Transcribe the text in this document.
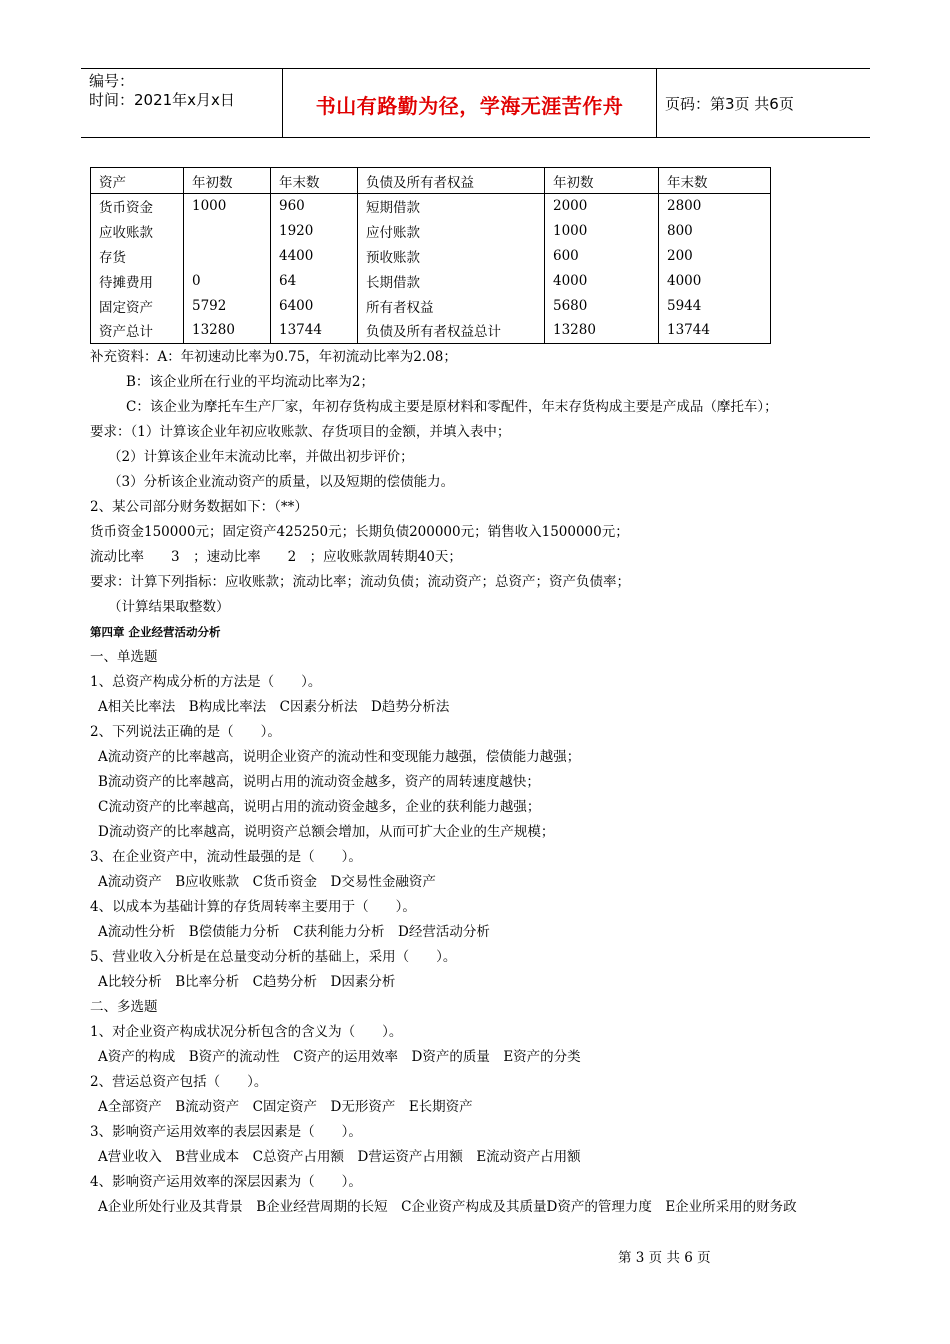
编号：
时间：2021年x月x日	书山有路勤为径，学海无涯苦作舟	页码：第3页 共6页
资产	年初数	年末数	负债及所有者权益	年初数	年末数
货币资金	1000	960	短期借款	2000	2800
应收账款		1920	应付账款	1000	800
存货		4400	预收账款	600	200
待摊费用	0	64	长期借款	4000	4000
固定资产	5792	6400	所有者权益	5680	5944
资产总计	13280	13744	负债及所有者权益总计	13280	13744
补充资料：A：年初速动比率为0.75，年初流动比率为2.08；
B：该企业所在行业的平均流动比率为2；
C：该企业为摩托车生产厂家，年初存货构成主要是原材料和零配件，年末存货构成主要是产成品（摩托车）；
要求：（1）计算该企业年初应收账款、存货项目的金额，并填入表中；
（2）计算该企业年末流动比率，并做出初步评价；
（3）分析该企业流动资产的质量，以及短期的偿债能力。
2、某公司部分财务数据如下：（**）
货币资金150000元；固定资产425250元；长期负债200000元；销售收入1500000元；
流动比率　　3　；速动比率　　2　；应收账款周转期40天；
要求：计算下列指标：应收账款；流动比率；流动负债；流动资产；总资产；资产负债率；
（计算结果取整数）
第四章 企业经营活动分析
一、单选题
1、总资产构成分析的方法是（　　）。
A相关比率法　B构成比率法　C因素分析法　D趋势分析法
2、下列说法正确的是（　　）。
A流动资产的比率越高，说明企业资产的流动性和变现能力越强，偿债能力越强；
B流动资产的比率越高，说明占用的流动资金越多，资产的周转速度越快；
C流动资产的比率越高，说明占用的流动资金越多，企业的获利能力越强；
D流动资产的比率越高，说明资产总额会增加，从而可扩大企业的生产规模；
3、在企业资产中，流动性最强的是（　　）。
A流动资产　B应收账款　C货币资金　D交易性金融资产
4、以成本为基础计算的存货周转率主要用于（　　）。
A流动性分析　B偿债能力分析　C获利能力分析　D经营活动分析
5、营业收入分析是在总量变动分析的基础上，采用（　　）。
A比较分析　B比率分析　C趋势分析　D因素分析
二、多选题
1、对企业资产构成状况分析包含的含义为（　　）。
A资产的构成　B资产的流动性　C资产的运用效率　D资产的质量　E资产的分类
2、营运总资产包括（　　）。
A全部资产　B流动资产　C固定资产　D无形资产　E长期资产
3、影响资产运用效率的表层因素是（　　）。
A营业收入　B营业成本　C总资产占用额　D营运资产占用额　E流动资产占用额
4、影响资产运用效率的深层因素为（　　）。
A企业所处行业及其背景　B企业经营周期的长短　C企业资产构成及其质量D资产的管理力度　E企业所采用的财务政
第 3 页 共 6 页
